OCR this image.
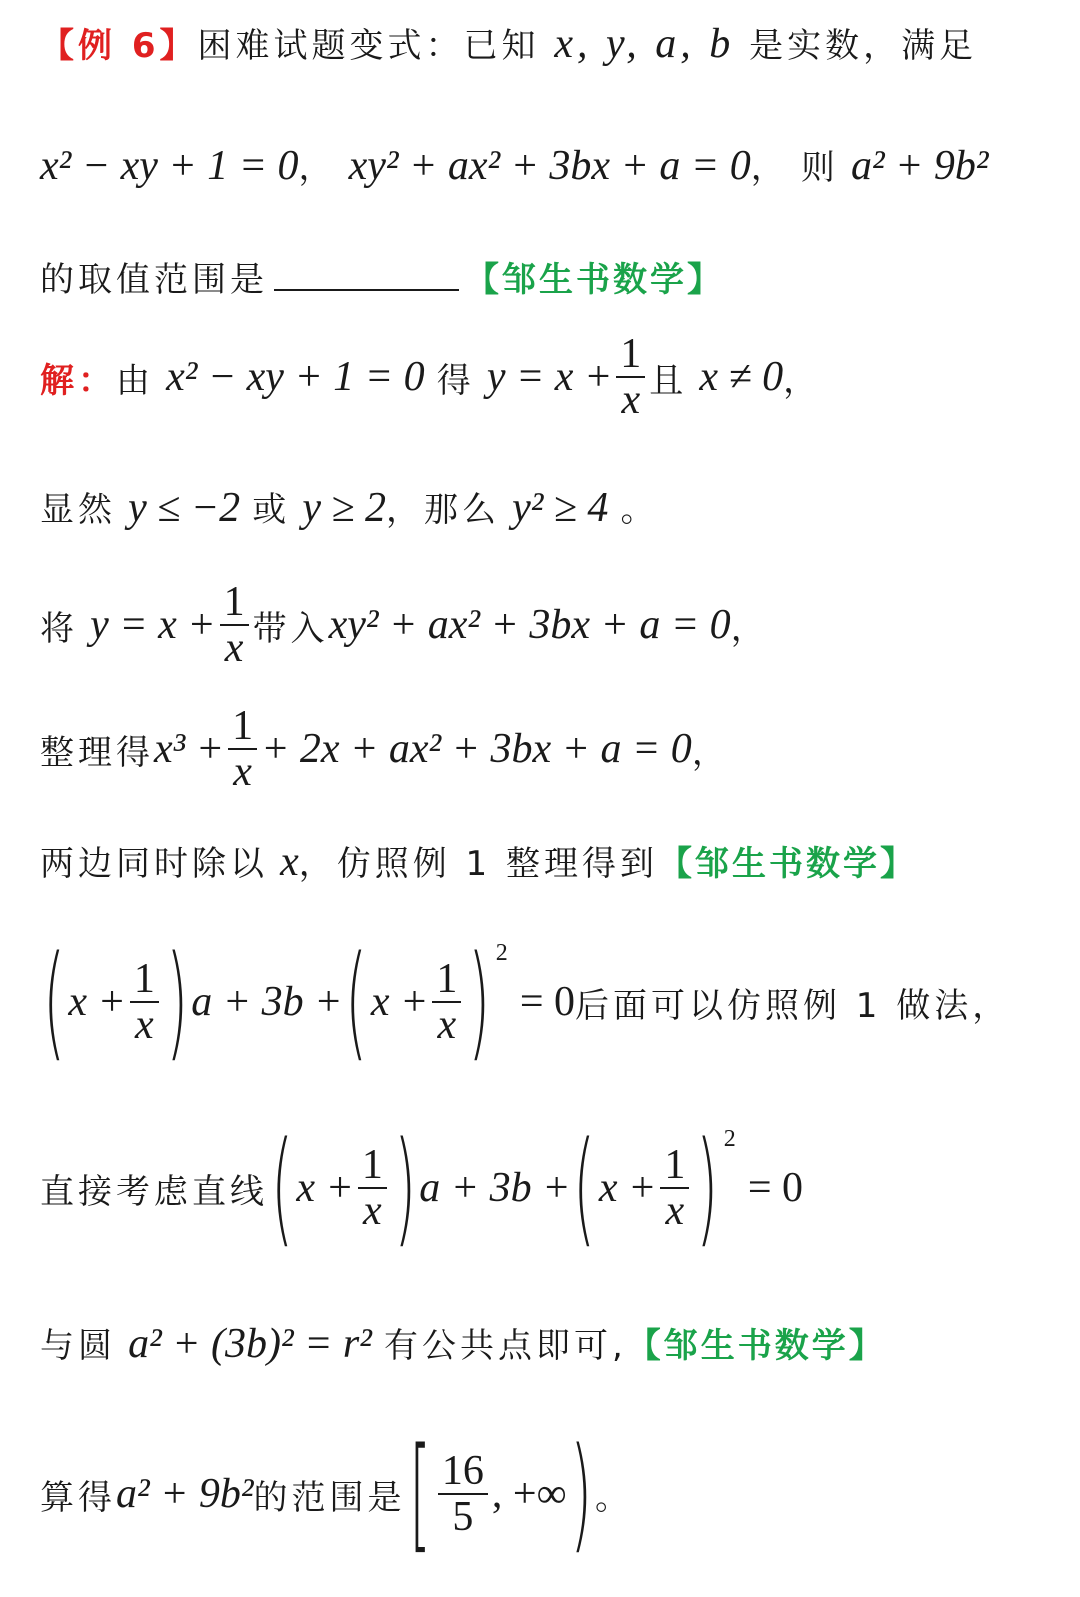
【例 6】困难试题变式：已知 x, y, a, b 是实数，满足
x² − xy + 1 = 0， xy² + ax² + 3bx + a = 0， 则 a² + 9b²
的取值范围是	【邹生书数学】
解： 由
x² − xy + 1 = 0
得
$y = x + \frac{1}{x}$ 且
x ≠ 0 ，
显然 y ≤ −2 或 y ≥ 2，那么 y² ≥ 4 。
将
$y = x + \frac{1}{x}$ 带入 xy² + ax² + 3bx + a = 0 ，
整理得 $x^3 + \frac{1}{x} + 2x + ax^2 + 3bx + a = 0$ ，
两边同时除以 x，仿照例 1 整理得到【邹生书数学】
( $x + \frac{1}{x}$ ) a + 3b + ( $x + \frac{1}{x}$ ) 2

= 0 后面可以仿照例 1 做法，
直接考虑直线 ( $x + \frac{1}{x}$ ) a + 3b + ( $x + \frac{1}{x}$ ) 2

= 0
与圆 a² + (3b)² = r² 有公共点即可,【邹生书数学】
算得 a² + 9b² 的范围是 [ $\frac{16}{5}$ , +∞ ) 。
